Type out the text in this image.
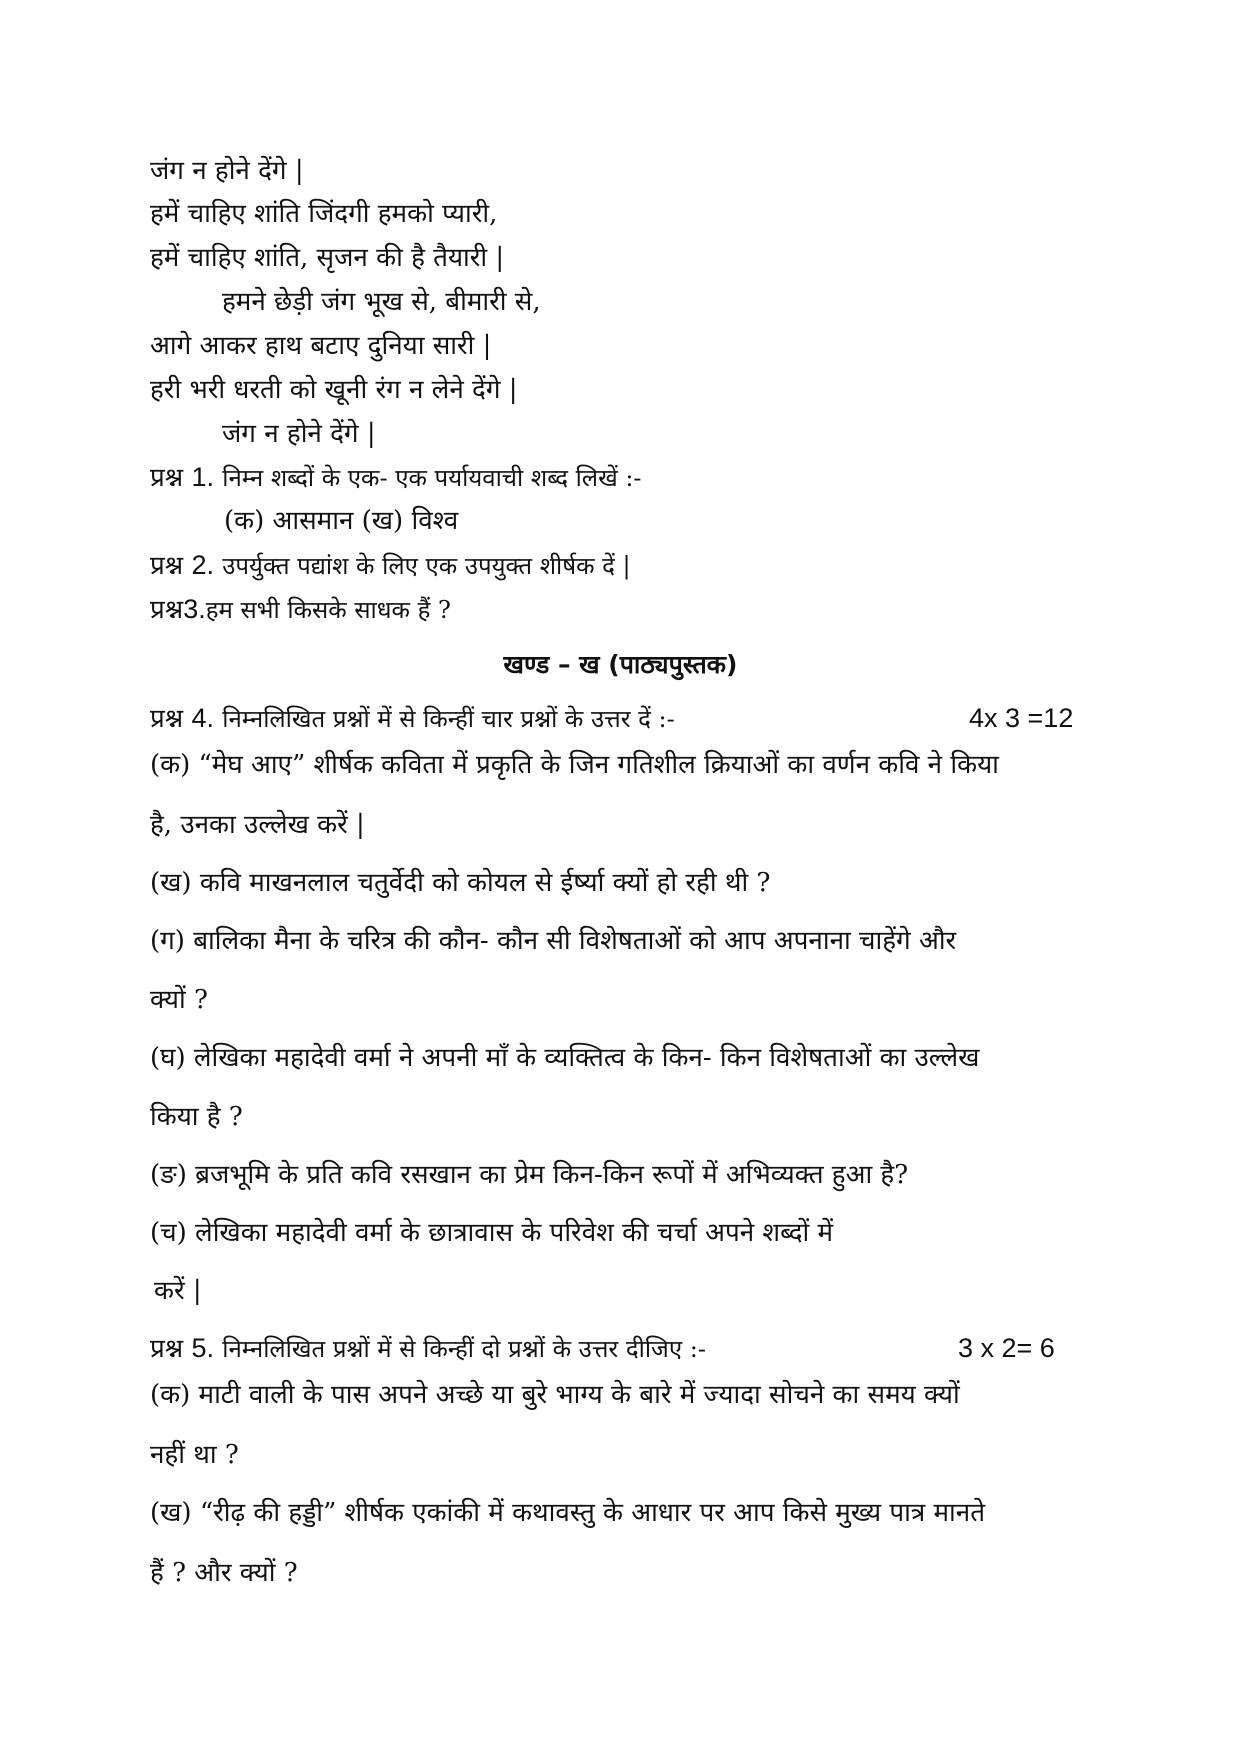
जंग न होने देंगे |
हमें चाहिए शांति जिंदगी हमको प्यारी,
हमें चाहिए शांति, सृजन की है तैयारी |
हमने छेड़ी जंग भूख से, बीमारी से,
आगे आकर हाथ बटाए दुनिया सारी |
हरी भरी धरती को खूनी रंग न लेने देंगे |
जंग न होने देंगे |
प्रश्न 1. निम्न शब्दों के एक- एक पर्यायवाची शब्द लिखें :-
(क) आसमान (ख) विश्व
प्रश्न 2. उपर्युक्त पद्यांश के लिए एक उपयुक्त शीर्षक दें |
प्रश्न3.हम सभी किसके साधक हैं ?
खण्ड – ख (पाठ्यपुस्तक)
प्रश्न 4. निम्नलिखित प्रश्नों में से किन्हीं चार प्रश्नों के उत्तर दें :-	4x 3 =12
(क) “मेघ आए” शीर्षक कविता में प्रकृति के जिन गतिशील क्रियाओं का वर्णन कवि ने किया
है, उनका उल्लेख करें |
(ख) कवि माखनलाल चतुर्वेदी को कोयल से ईर्ष्या क्यों हो रही थी ?
(ग) बालिका मैना के चरित्र की कौन- कौन सी विशेषताओं को आप अपनाना चाहेंगे और
क्यों ?
(घ) लेखिका महादेवी वर्मा ने अपनी माँ के व्यक्तित्व के किन- किन विशेषताओं का उल्लेख
किया है ?
(ङ) ब्रजभूमि के प्रति कवि रसखान का प्रेम किन-किन रूपों में अभिव्यक्त हुआ है?
(च) लेखिका महादेवी वर्मा के छात्रावास के परिवेश की चर्चा अपने शब्दों में
करें |
प्रश्न 5. निम्नलिखित प्रश्नों में से किन्हीं दो प्रश्नों के उत्तर दीजिए :-	3 x 2= 6
(क) माटी वाली के पास अपने अच्छे या बुरे भाग्य के बारे में ज्यादा सोचने का समय क्यों
नहीं था ?
(ख) “रीढ़ की हड्डी” शीर्षक एकांकी में कथावस्तु के आधार पर आप किसे मुख्य पात्र मानते
हैं ? और क्यों ?
